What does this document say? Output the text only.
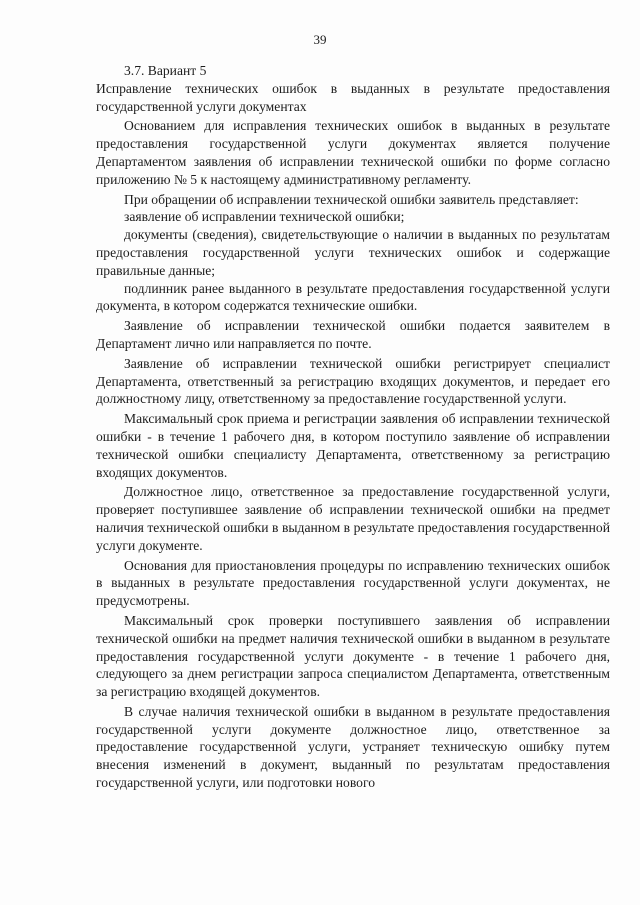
39

3.7. Вариант 5

Исправление технических ошибок в выданных в результате предоставления государственной услуги документах

Основанием для исправления технических ошибок в выданных в результате предоставления государственной услуги документах является получение Департаментом заявления об исправлении технической ошибки по форме согласно приложению № 5 к настоящему административному регламенту.

При обращении об исправлении технической ошибки заявитель представляет:

заявление об исправлении технической ошибки;

документы (сведения), свидетельствующие о наличии в выданных по результатам предоставления государственной услуги технических ошибок и содержащие правильные данные;

подлинник ранее выданного в результате предоставления государственной услуги документа, в котором содержатся технические ошибки.

Заявление об исправлении технической ошибки подается заявителем в Департамент лично или направляется по почте.

Заявление об исправлении технической ошибки регистрирует специалист Департамента, ответственный за регистрацию входящих документов, и передает его должностному лицу, ответственному за предоставление государственной услуги.

Максимальный срок приема и регистрации заявления об исправлении технической ошибки - в течение 1 рабочего дня, в котором поступило заявление об исправлении технической ошибки специалисту Департамента, ответственному за регистрацию входящих документов.

Должностное лицо, ответственное за предоставление государственной услуги, проверяет поступившее заявление об исправлении технической ошибки на предмет наличия технической ошибки в выданном в результате предоставления государственной услуги документе.

Основания для приостановления процедуры по исправлению технических ошибок в выданных в результате предоставления государственной услуги документах, не предусмотрены.

Максимальный срок проверки поступившего заявления об исправлении технической ошибки на предмет наличия технической ошибки в выданном в результате предоставления государственной услуги документе - в течение 1 рабочего дня, следующего за днем регистрации запроса специалистом Департамента, ответственным за регистрацию входящей документов.

В случае наличия технической ошибки в выданном в результате предоставления государственной услуги документе должностное лицо, ответственное за предоставление государственной услуги, устраняет техническую ошибку путем внесения изменений в документ, выданный по результатам предоставления государственной услуги, или подготовки нового
